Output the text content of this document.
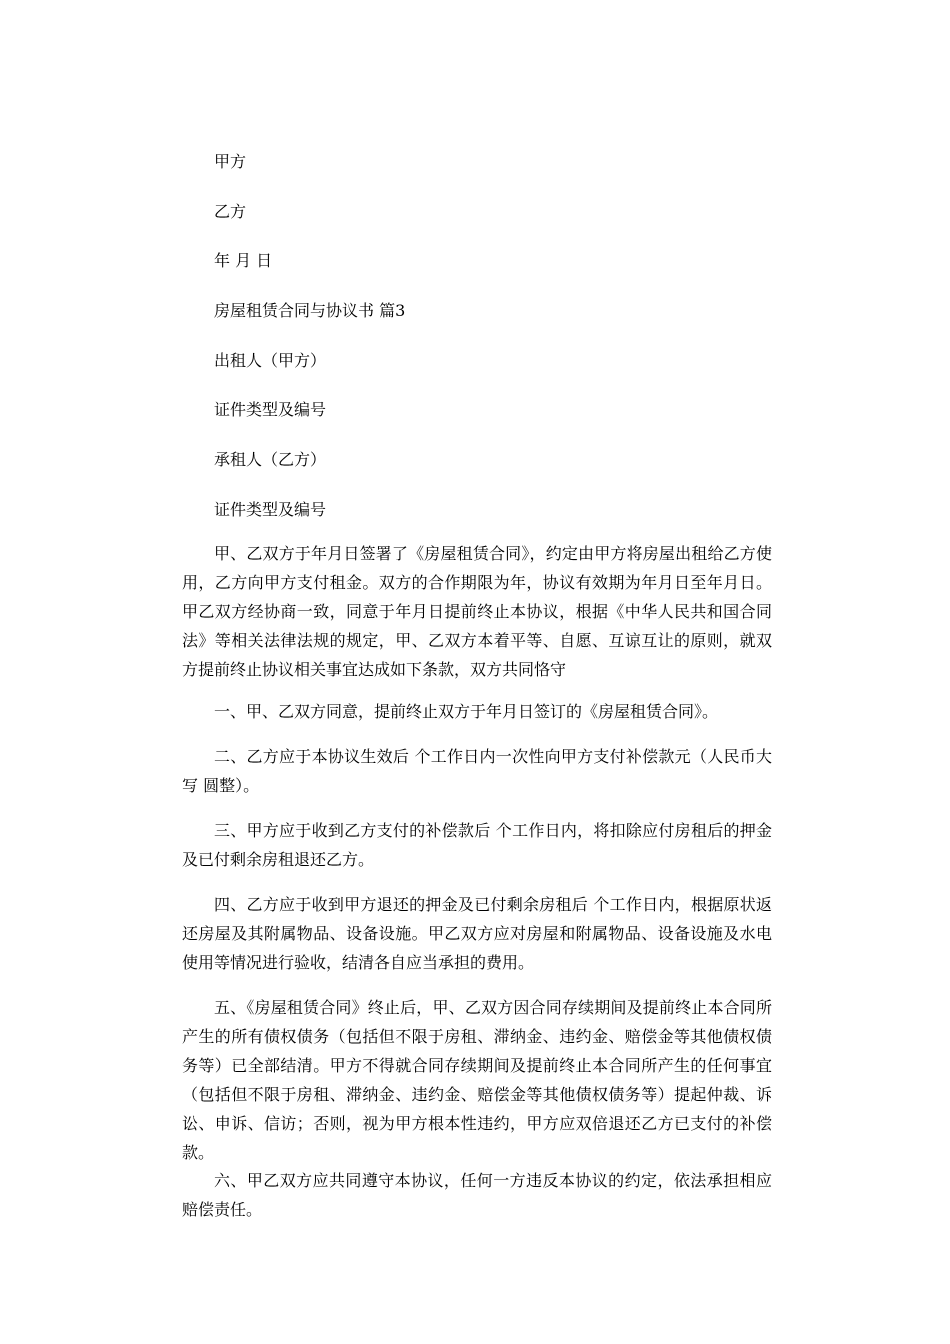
甲方

乙方

年 月 日

房屋租赁合同与协议书 篇3

出租人（甲方）

证件类型及编号

承租人（乙方）

证件类型及编号

甲、乙双方于年月日签署了《房屋租赁合同》，约定由甲方将房屋出租给乙方使用，乙方向甲方支付租金。双方的合作期限为年，协议有效期为年月日至年月日。甲乙双方经协商一致，同意于年月日提前终止本协议，根据《中华人民共和国合同法》等相关法律法规的规定，甲、乙双方本着平等、自愿、互谅互让的原则，就双方提前终止协议相关事宜达成如下条款，双方共同恪守

一、甲、乙双方同意，提前终止双方于年月日签订的《房屋租赁合同》。

二、乙方应于本协议生效后 个工作日内一次性向甲方支付补偿款元（人民币大写 圆整）。

三、甲方应于收到乙方支付的补偿款后 个工作日内，将扣除应付房租后的押金及已付剩余房租退还乙方。

四、乙方应于收到甲方退还的押金及已付剩余房租后 个工作日内，根据原状返还房屋及其附属物品、设备设施。甲乙双方应对房屋和附属物品、设备设施及水电使用等情况进行验收，结清各自应当承担的费用。

五、《房屋租赁合同》终止后，甲、乙双方因合同存续期间及提前终止本合同所产生的所有债权债务（包括但不限于房租、滞纳金、违约金、赔偿金等其他债权债务等）已全部结清。甲方不得就合同存续期间及提前终止本合同所产生的任何事宜（包括但不限于房租、滞纳金、违约金、赔偿金等其他债权债务等）提起仲裁、诉讼、申诉、信访；否则，视为甲方根本性违约，甲方应双倍退还乙方已支付的补偿款。

六、甲乙双方应共同遵守本协议，任何一方违反本协议的约定，依法承担相应赔偿责任。
